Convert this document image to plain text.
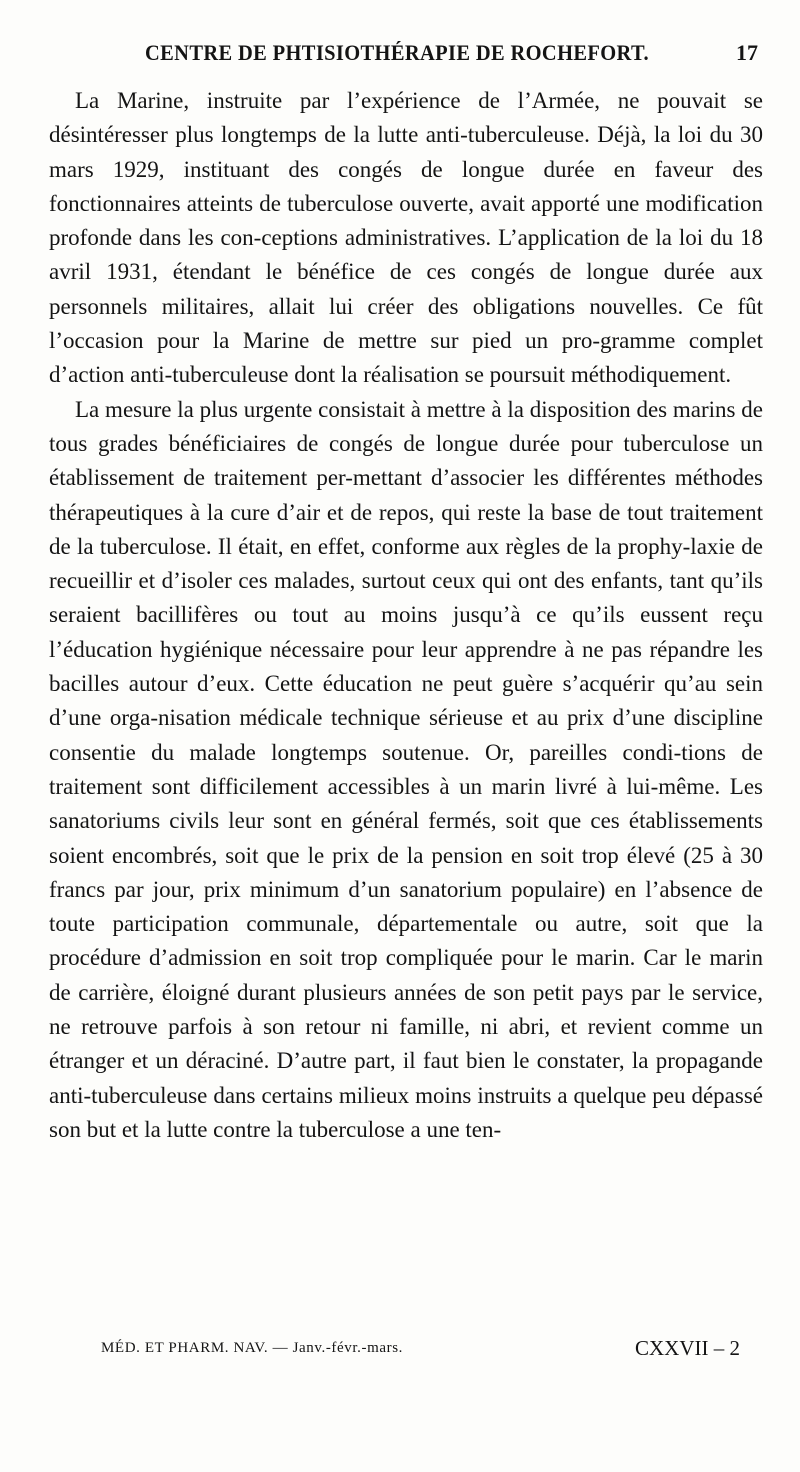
CENTRE DE PHTISIOTHÉRAPIE DE ROCHEFORT.	17

La Marine, instruite par l’expérience de l’Armée, ne pouvait se désintéresser plus longtemps de la lutte anti-tuberculeuse. Déjà, la loi du 30 mars 1929, instituant des congés de longue durée en faveur des fonctionnaires atteints de tuberculose ouverte, avait apporté une modification profonde dans les con-ceptions administratives. L’application de la loi du 18 avril 1931, étendant le bénéfice de ces congés de longue durée aux personnels militaires, allait lui créer des obligations nouvelles. Ce fût l’occasion pour la Marine de mettre sur pied un pro-gramme complet d’action anti-tuberculeuse dont la réalisation se poursuit méthodiquement.

La mesure la plus urgente consistait à mettre à la disposition des marins de tous grades bénéficiaires de congés de longue durée pour tuberculose un établissement de traitement per-mettant d’associer les différentes méthodes thérapeutiques à la cure d’air et de repos, qui reste la base de tout traitement de la tuberculose. Il était, en effet, conforme aux règles de la prophy-laxie de recueillir et d’isoler ces malades, surtout ceux qui ont des enfants, tant qu’ils seraient bacillifères ou tout au moins jusqu’à ce qu’ils eussent reçu l’éducation hygiénique nécessaire pour leur apprendre à ne pas répandre les bacilles autour d’eux. Cette éducation ne peut guère s’acquérir qu’au sein d’une orga-nisation médicale technique sérieuse et au prix d’une discipline consentie du malade longtemps soutenue. Or, pareilles condi-tions de traitement sont difficilement accessibles à un marin livré à lui-même. Les sanatoriums civils leur sont en général fermés, soit que ces établissements soient encombrés, soit que le prix de la pension en soit trop élevé (25 à 30 francs par jour, prix minimum d’un sanatorium populaire) en l’absence de toute participation communale, départementale ou autre, soit que la procédure d’admission en soit trop compliquée pour le marin. Car le marin de carrière, éloigné durant plusieurs années de son petit pays par le service, ne retrouve parfois à son retour ni famille, ni abri, et revient comme un étranger et un déraciné. D’autre part, il faut bien le constater, la propagande anti-tuberculeuse dans certains milieux moins instruits a quelque peu dépassé son but et la lutte contre la tuberculose a une ten-

MÉD. ET PHARM. NAV. — Janv.-févr.-mars.	CXXVII – 2
